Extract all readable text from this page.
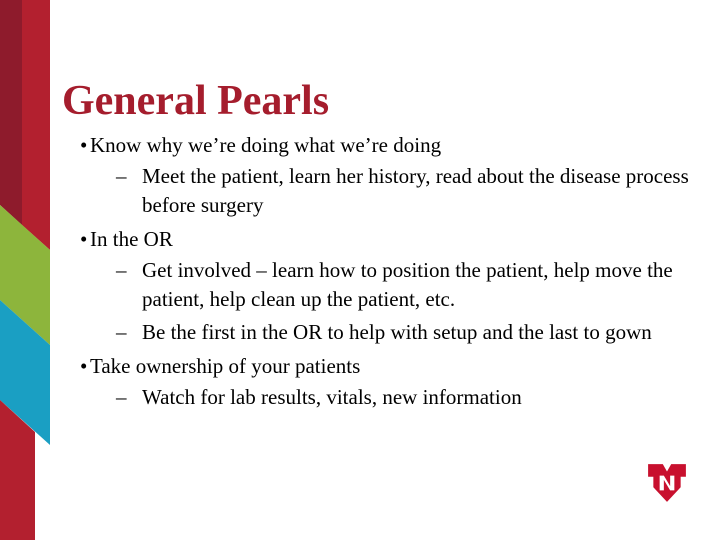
General Pearls
• Know why we’re doing what we’re doing
– Meet the patient, learn her history, read about the disease process before surgery
• In the OR
– Get involved – learn how to position the patient, help move the patient, help clean up the patient, etc.
– Be the first in the OR to help with setup and the last to gown
• Take ownership of your patients
– Watch for lab results, vitals, new information
